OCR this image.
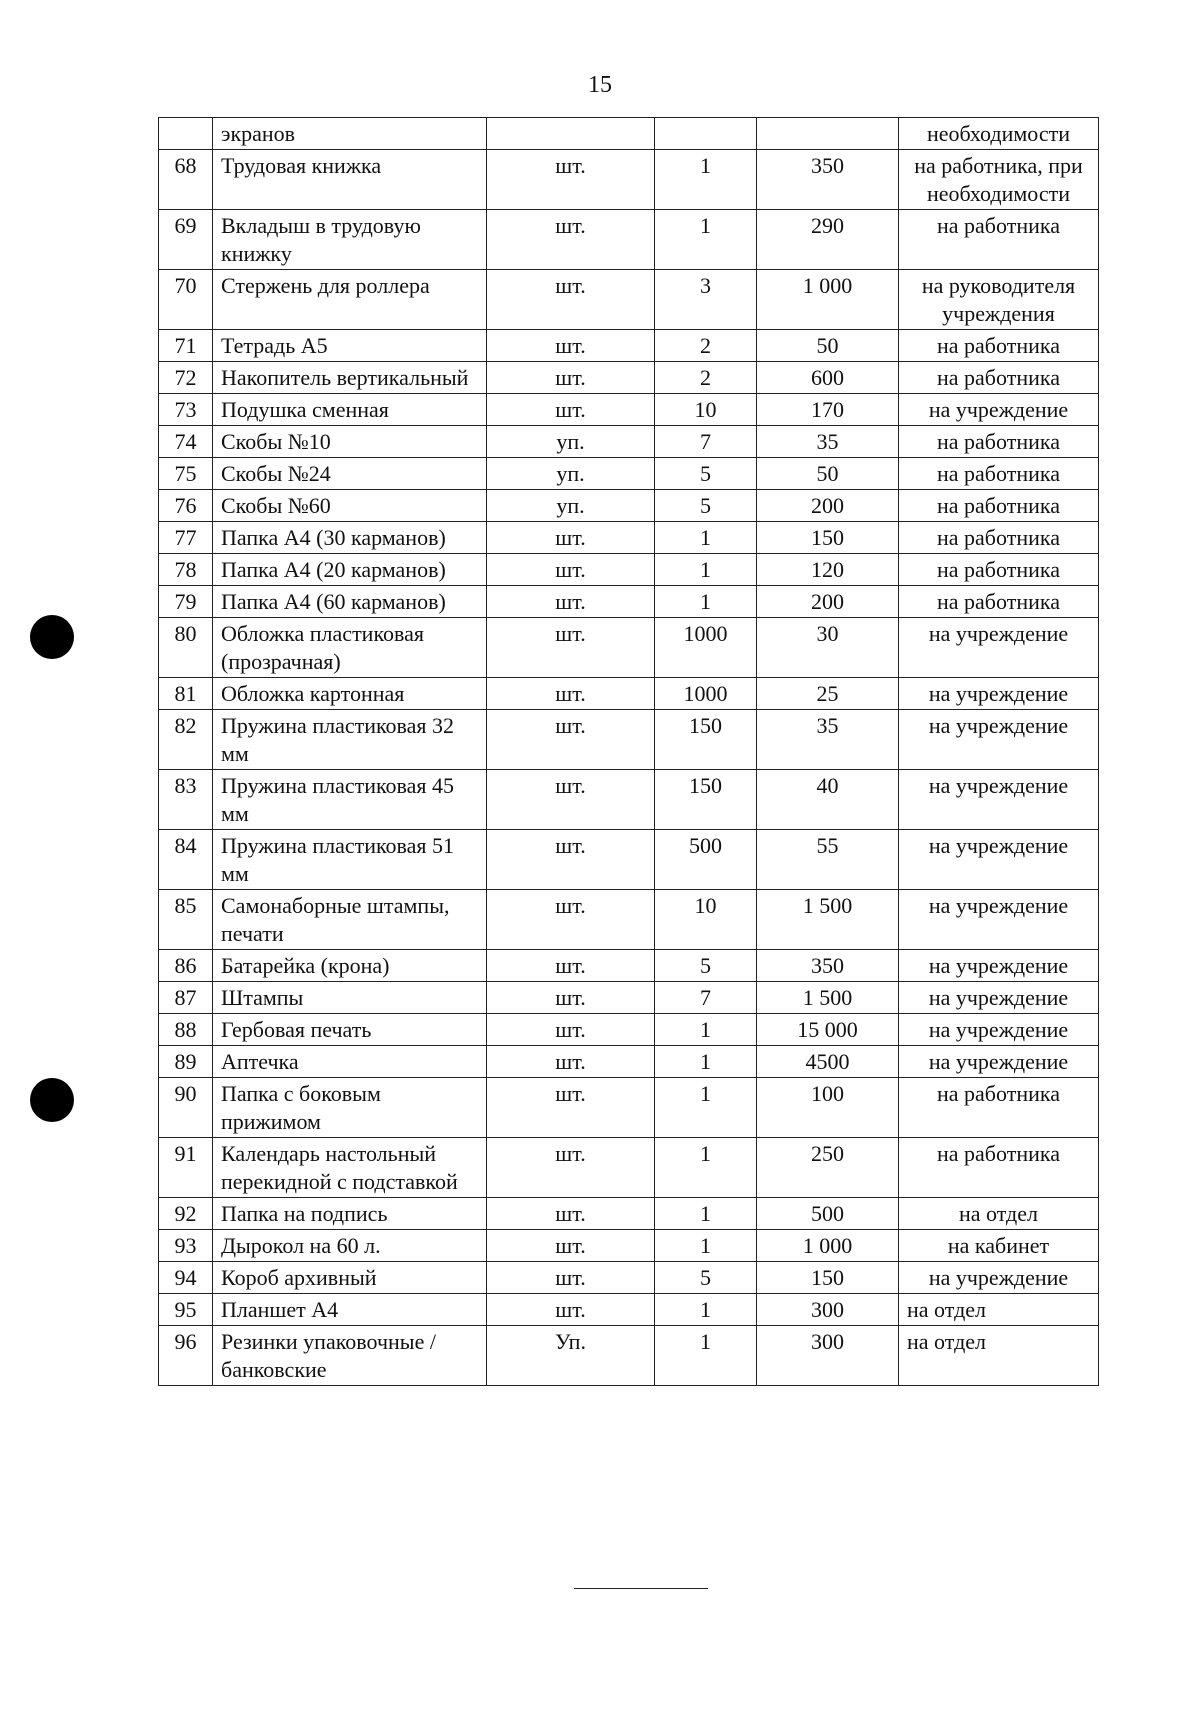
15
	экранов				необходимости
68	Трудовая книжка	шт.	1	350	на работника, при необходимости
69	Вкладыш в трудовую книжку	шт.	1	290	на работника
70	Стержень для роллера	шт.	3	1 000	на руководителя учреждения
71	Тетрадь А5	шт.	2	50	на работника
72	Накопитель вертикальный	шт.	2	600	на работника
73	Подушка сменная	шт.	10	170	на учреждение
74	Скобы №10	уп.	7	35	на работника
75	Скобы №24	уп.	5	50	на работника
76	Скобы №60	уп.	5	200	на работника
77	Папка А4 (30 карманов)	шт.	1	150	на работника
78	Папка А4 (20 карманов)	шт.	1	120	на работника
79	Папка А4 (60 карманов)	шт.	1	200	на работника
80	Обложка пластиковая (прозрачная)	шт.	1000	30	на учреждение
81	Обложка картонная	шт.	1000	25	на учреждение
82	Пружина пластиковая 32 мм	шт.	150	35	на учреждение
83	Пружина пластиковая 45 мм	шт.	150	40	на учреждение
84	Пружина пластиковая 51 мм	шт.	500	55	на учреждение
85	Самонаборные штампы, печати	шт.	10	1 500	на учреждение
86	Батарейка (крона)	шт.	5	350	на учреждение
87	Штампы	шт.	7	1 500	на учреждение
88	Гербовая печать	шт.	1	15 000	на учреждение
89	Аптечка	шт.	1	4500	на учреждение
90	Папка с боковым прижимом	шт.	1	100	на работника
91	Календарь настольный перекидной с подставкой	шт.	1	250	на работника
92	Папка на подпись	шт.	1	500	на отдел
93	Дырокол на 60 л.	шт.	1	1 000	на кабинет
94	Короб архивный	шт.	5	150	на учреждение
95	Планшет А4	шт.	1	300	на отдел
96	Резинки упаковочные / банковские	Уп.	1	300	на отдел
